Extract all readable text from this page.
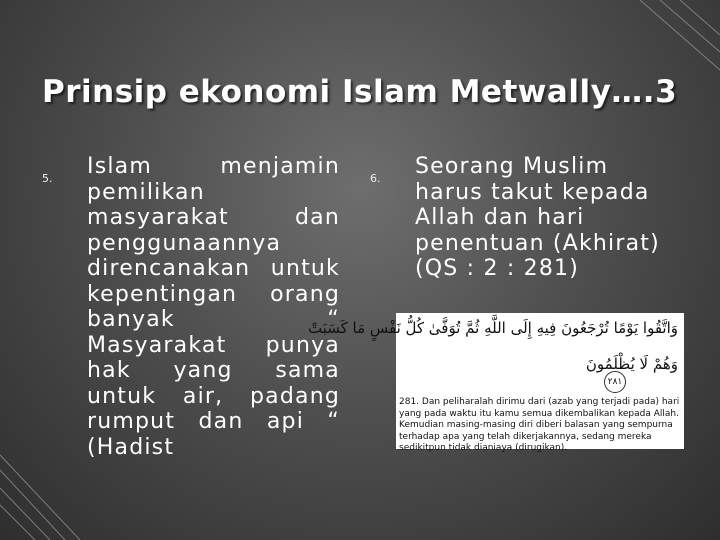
Prinsip ekonomi Islam Metwally….3
5. Islam menjamin pemilikan masyarakat dan penggunaannya direncanakan untuk kepentingan orang banyak “ Masyarakat punya hak yang sama untuk air, padang rumput dan api “ (Hadist
6. Seorang Muslim harus takut kepada Allah dan hari penentuan (Akhirat) (QS : 2 : 281)
وَاتَّقُوا يَوْمًا تُرْجَعُونَ فِيهِ إِلَى اللَّهِ ثُمَّ تُوَفَّىٰ كُلُّ نَفْسٍ مَا كَسَبَتْ
وَهُمْ لَا يُظْلَمُونَ
٢٨١
281. Dan peliharalah dirimu dari (azab yang terjadi pada) hari yang pada waktu itu kamu semua dikembalikan kepada Allah. Kemudian masing-masing diri diberi balasan yang sempurna terhadap apa yang telah dikerjakannya, sedang mereka sedikitpun tidak dianiaya (dirugikan).
